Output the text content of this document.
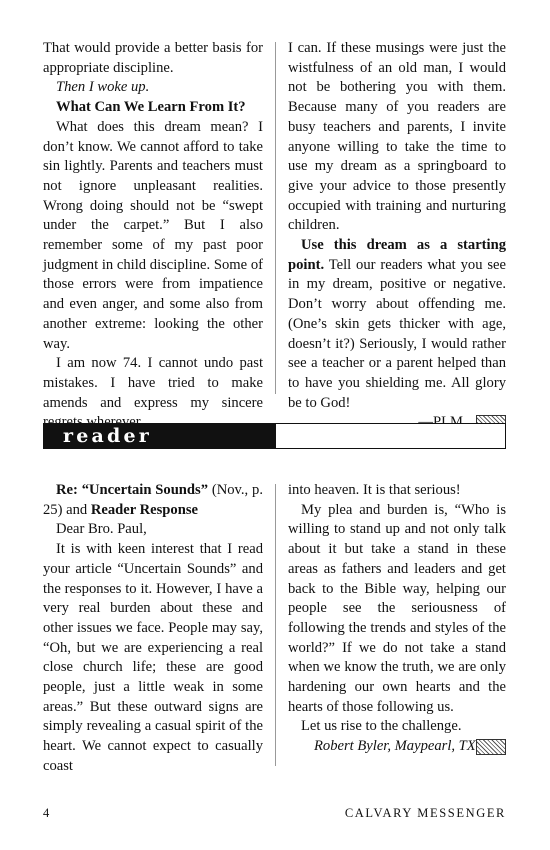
That would provide a better basis for appropriate discipline.

Then I woke up.

What Can We Learn From It?

What does this dream mean? I don’t know. We cannot afford to take sin lightly. Parents and teachers must not ignore unpleasant realities. Wrong doing should not be “swept under the carpet.” But I also remember some of my past poor judgment in child discipline. Some of those errors were from impatience and even anger, and some also from another extreme: looking the other way.

I am now 74. I cannot undo past mistakes. I have tried to make amends and express my sincere

I can. If these musings were just the wistfulness of an old man, I would not be bothering you with them. Because many of you readers are busy teachers and parents, I invite anyone willing to take the time to use my dream as a springboard to give your advice to those presently occupied with training and nurturing children.

Use this dream as a starting point. Tell our readers what you see in my dream, positive or negative. Don’t worry about offending me. (One’s skin gets thicker with age, doesn’t it?) Seriously, I would rather see a teacher or a parent helped than to have you shielding me. All glory be to God!

reader response

Re: “Uncertain Sounds” (Nov., p. 25) and Reader Response

Dear Bro. Paul,

It is with keen interest that I read your article “Uncertain Sounds” and the responses to it. However, I have a very real burden about these and other issues we face. People may say, “Oh, but we are experiencing a real close church life; these are good people, just a little weak in some areas.” But these outward signs are simply revealing a casual spirit of the heart. We cannot expect to casually coast

into heaven. It is that serious!

My plea and burden is, “Who is willing to stand up and not only talk about it but take a stand in these areas as fathers and leaders and get back to the Bible way, helping our people see the seriousness of following the trends and styles of the world?” If we do not take a stand when we know the truth, we are only hardening our own hearts and the hearts of those following us.

Let us rise to the challenge.

Robert Byler, Maypearl, TX

4	CALVARY MESSENGER
